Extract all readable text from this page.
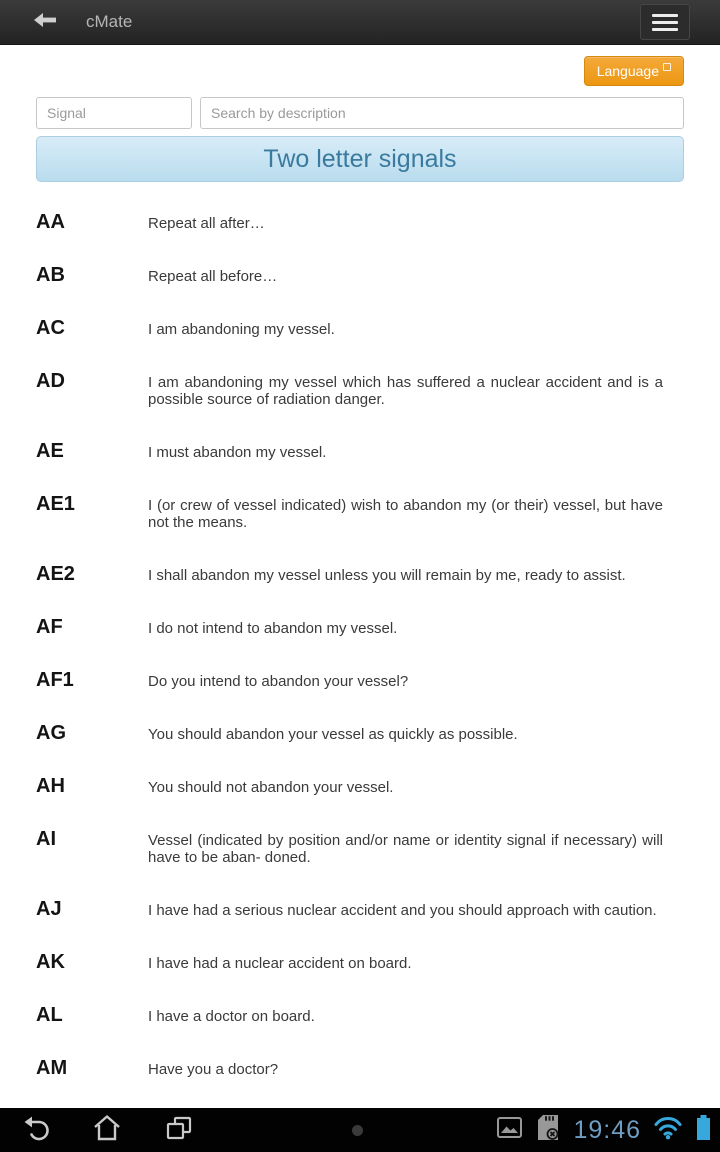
cMate
Language
Signal
Search by description
Two letter signals
AA	Repeat all after…
AB	Repeat all before…
AC	I am abandoning my vessel.
AD	I am abandoning my vessel which has suffered a nuclear accident and is a possible source of radiation danger.
AE	I must abandon my vessel.
AE1	I (or crew of vessel indicated) wish to abandon my (or their) vessel, but have not the means.
AE2	I shall abandon my vessel unless you will remain by me, ready to assist.
AF	I do not intend to abandon my vessel.
AF1	Do you intend to abandon your vessel?
AG	You should abandon your vessel as quickly as possible.
AH	You should not abandon your vessel.
AI	Vessel (indicated by position and/or name or identity signal if necessary) will have to be aban- doned.
AJ	I have had a serious nuclear accident and you should approach with caution.
AK	I have had a nuclear accident on board.
AL	I have a doctor on board.
AM	Have you a doctor?
19:46
